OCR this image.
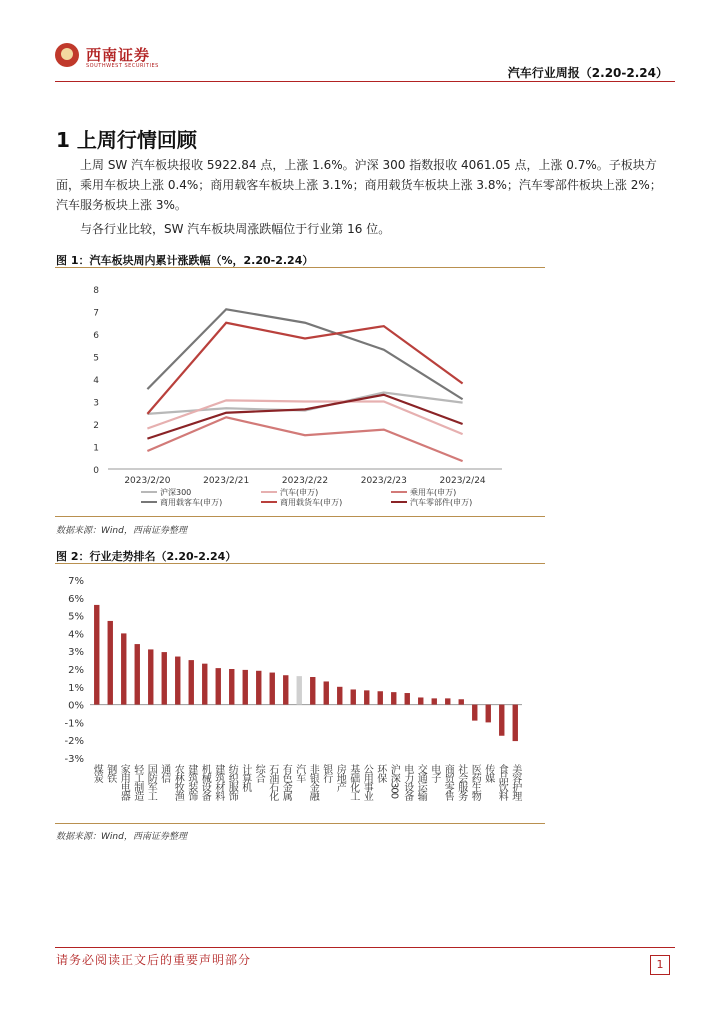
西南证券
SOUTHWEST SECURITIES	汽车行业周报（2.20-2.24）
1 上周行情回顾
上周 SW 汽车板块报收 5922.84 点，上涨 1.6%。沪深 300 指数报收 4061.05 点，上涨 0.7%。子板块方面，乘用车板块上涨 0.4%；商用载客车板块上涨 3.1%；商用载货车板块上涨 3.8%；汽车零部件板块上涨 2%；汽车服务板块上涨 3%。
与各行业比较，SW 汽车板块周涨跌幅位于行业第 16 位。
图 1：汽车板块周内累计涨跌幅（%，2.20-2.24）
0
1
2
3
4
5
6
7
8
2023/2/20	2023/2/21	2023/2/22	2023/2/23	2023/2/24
沪深300	汽车(申万)	乘用车(申万)
商用载客车(申万)	商用载货车(申万)	汽车零部件(申万)
数据来源：Wind，西南证券整理
图 2：行业走势排名（2.20-2.24）
7%
6%
5%
4%
3%
2%
1%
0%
-1%
-2%
-3%
煤炭 钢铁 家用电器 轻工制造 国防军工 通信 农林牧渔 建筑装饰 机械设备 建筑材料 纺织服饰 计算机 综合 石油石化 有色金属 汽车 非银金融 银行 房地产 基础化工 公用事业 环保 沪深300 电力设备 交通运输 电子 商贸零售 社会服务 医药生物 传媒 食品饮料 美容护理
数据来源：Wind，西南证券整理
请务必阅读正文后的重要声明部分	1
